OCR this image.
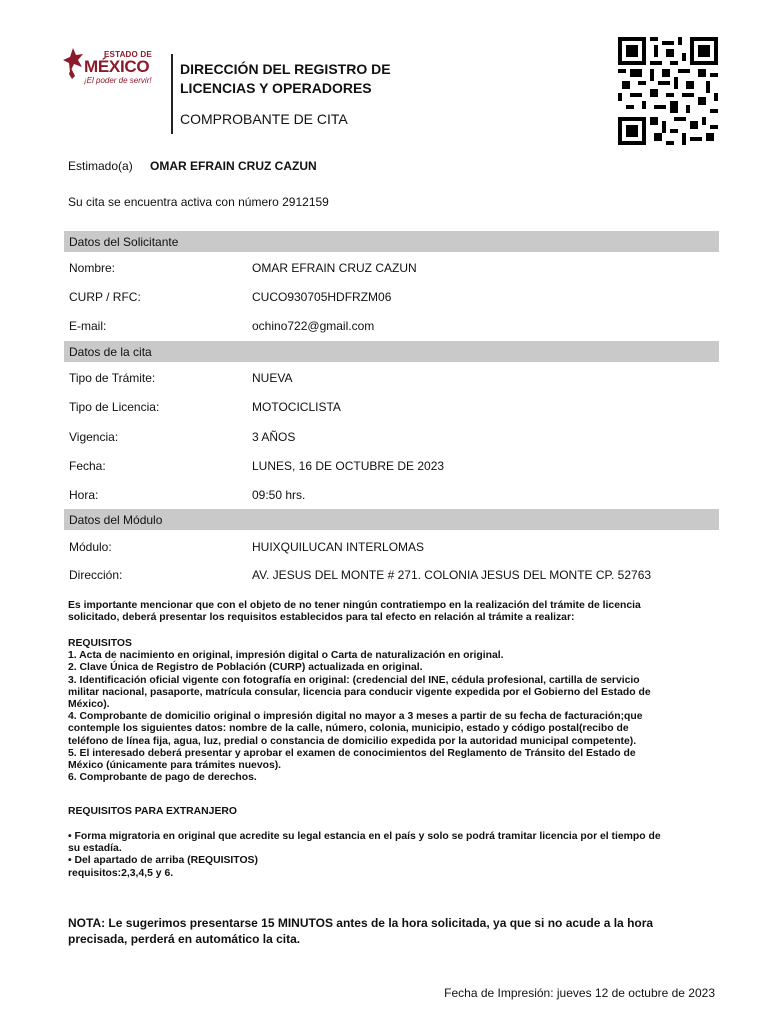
ESTADO DE
MÉXICO
¡El poder de servir!
DIRECCIÓN DEL REGISTRO DE
LICENCIAS Y OPERADORES
COMPROBANTE DE CITA
Estimado(a) OMAR EFRAIN CRUZ CAZUN
Su cita se encuentra activa con número 2912159
Datos del Solicitante
Nombre:	OMAR EFRAIN CRUZ CAZUN
CURP / RFC:	CUCO930705HDFRZM06
E-mail:	ochino722@gmail.com
Datos de la cita
Tipo de Trámite:	NUEVA
Tipo de Licencia:	MOTOCICLISTA
Vigencia:	3 AÑOS
Fecha:	LUNES, 16 DE OCTUBRE DE 2023
Hora:	09:50 hrs.
Datos del Módulo
Módulo:	HUIXQUILUCAN INTERLOMAS
Dirección:	AV. JESUS DEL MONTE # 271. COLONIA JESUS DEL MONTE CP. 52763
Es importante mencionar que con el objeto de no tener ningún contratiempo en la realización del trámite de licencia
solicitado, deberá presentar los requisitos establecidos para tal efecto en relación al trámite a realizar:
REQUISITOS
1. Acta de nacimiento en original, impresión digital o Carta de naturalización en original.
2. Clave Única de Registro de Población (CURP) actualizada en original.
3. Identificación oficial vigente con fotografía en original: (credencial del INE, cédula profesional, cartilla de servicio
militar nacional, pasaporte, matrícula consular, licencia para conducir vigente expedida por el Gobierno del Estado de
México).
4. Comprobante de domicilio original o impresión digital no mayor a 3 meses a partir de su fecha de facturación;que
contemple los siguientes datos: nombre de la calle, número, colonia, municipio, estado y código postal(recibo de
teléfono de línea fija, agua, luz, predial o constancia de domicilio expedida por la autoridad municipal competente).
5. El interesado deberá presentar y aprobar el examen de conocimientos del Reglamento de Tránsito del Estado de
México (únicamente para trámites nuevos).
6. Comprobante de pago de derechos.
REQUISITOS PARA EXTRANJERO
• Forma migratoria en original que acredite su legal estancia en el país y solo se podrá tramitar licencia por el tiempo de
su estadía.
• Del apartado de arriba (REQUISITOS)
requisitos:2,3,4,5 y 6.
NOTA: Le sugerimos presentarse 15 MINUTOS antes de la hora solicitada, ya que si no acude a la hora
precisada, perderá en automático la cita.
Fecha de Impresión: jueves 12 de octubre de 2023
